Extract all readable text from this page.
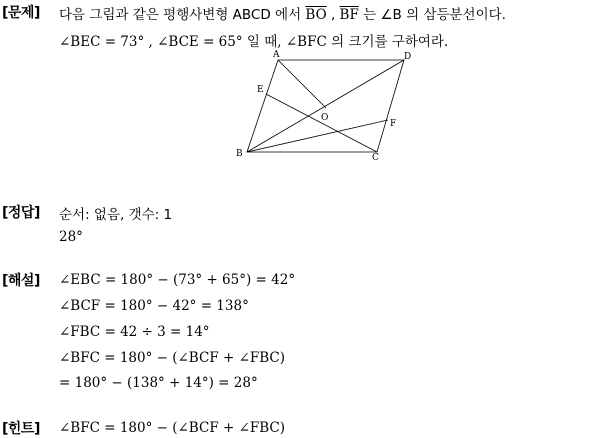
[문제] 다음 그림과 같은 평행사변형 ABCD 에서 $\overline{BO}$ , $\overline{BF}$ 는 ∠B 의 삼등분선이다.
∠BEC = 73° , ∠BCE = 65° 일 때, ∠BFC 의 크기를 구하여라.
A	D
E
O
F
B	C
[정답] 순서: 없음, 갯수: 1
28°
[해설] ∠EBC = 180° − (73° + 65°) = 42°
∠BCF = 180° − 42° = 138°
∠FBC = 42 ÷ 3 = 14°
∠BFC = 180° − (∠BCF + ∠FBC)
= 180° − (138° + 14°) = 28°
[힌트] ∠BFC = 180° − (∠BCF + ∠FBC)
